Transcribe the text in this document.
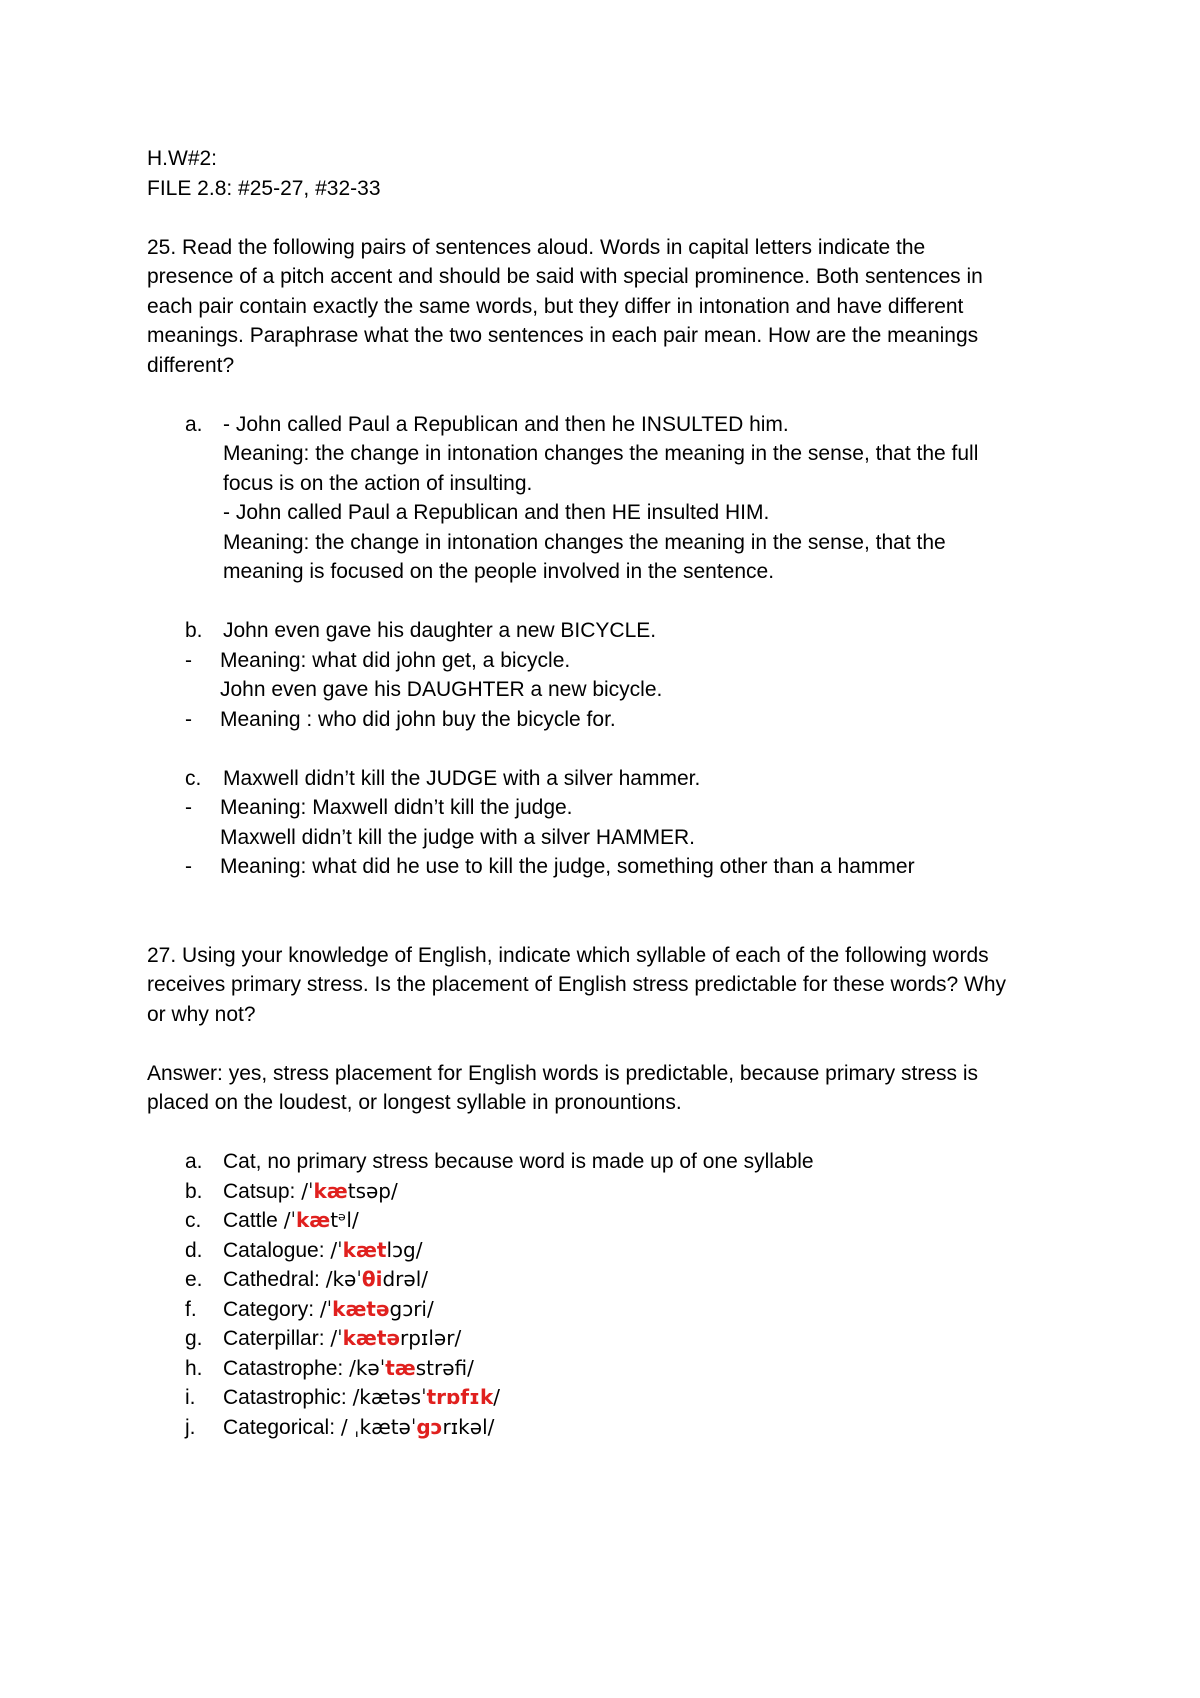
H.W#2:
FILE 2.8: #25-27, #32-33
25. Read the following pairs of sentences aloud. Words in capital letters indicate the
presence of a pitch accent and should be said with special prominence. Both sentences in
each pair contain exactly the same words, but they differ in intonation and have different
meanings. Paraphrase what the two sentences in each pair mean. How are the meanings
different?
a. - John called Paul a Republican and then he INSULTED him.
Meaning: the change in intonation changes the meaning in the sense, that the full
focus is on the action of insulting.
- John called Paul a Republican and then HE insulted HIM.
Meaning: the change in intonation changes the meaning in the sense, that the
meaning is focused on the people involved in the sentence.
b. John even gave his daughter a new BICYCLE.
- Meaning: what did john get, a bicycle.
John even gave his DAUGHTER a new bicycle.
- Meaning : who did john buy the bicycle for.
c. Maxwell didn’t kill the JUDGE with a silver hammer.
- Meaning: Maxwell didn’t kill the judge.
Maxwell didn’t kill the judge with a silver HAMMER.
- Meaning: what did he use to kill the judge, something other than a hammer
27. Using your knowledge of English, indicate which syllable of each of the following words
receives primary stress. Is the placement of English stress predictable for these words? Why
or why not?
Answer: yes, stress placement for English words is predictable, because primary stress is
placed on the loudest, or longest syllable in pronountions.
a. Cat, no primary stress because word is made up of one syllable
b. Catsup: /ˈkætsəp/
c. Cattle /ˈkætᵊl/
d. Catalogue: /ˈkætlɔg/
e. Cathedral: /kəˈθidrəl/
f. Category: /ˈkætəgɔri/
g. Caterpillar: /ˈkætərpɪlər/
h. Catastrophe: /kəˈtæstrəfi/
i. Catastrophic: /kætəsˈtrɒfɪk/
j. Categorical: / ˌkætəˈgɔrɪkəl/
